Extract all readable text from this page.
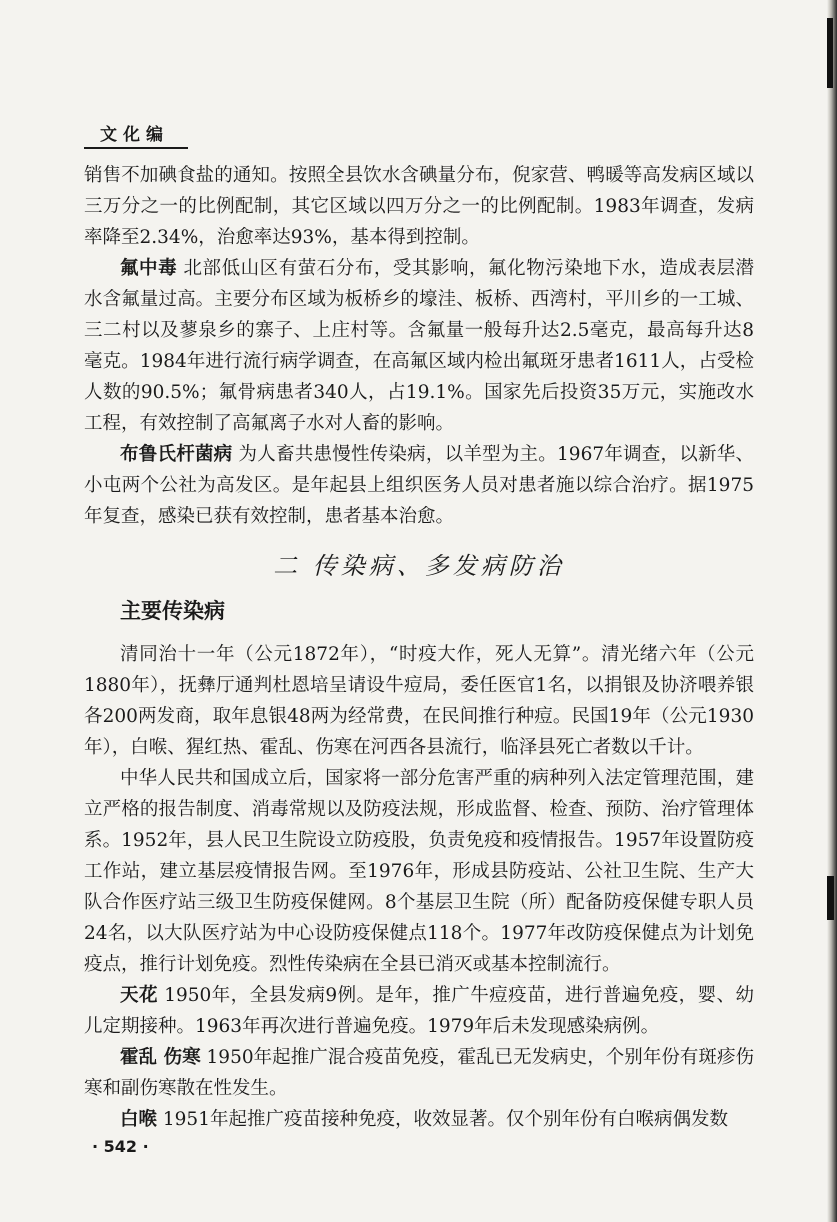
文化编

销售不加碘食盐的通知。按照全县饮水含碘量分布，倪家营、鸭暖等高发病区域以三万分之一的比例配制，其它区域以四万分之一的比例配制。1983年调查，发病率降至2.34%，治愈率达93%，基本得到控制。

氟中毒 北部低山区有萤石分布，受其影响，氟化物污染地下水，造成表层潜水含氟量过高。主要分布区域为板桥乡的壕洼、板桥、西湾村，平川乡的一工城、三二村以及蓼泉乡的寨子、上庄村等。含氟量一般每升达2.5毫克，最高每升达8毫克。1984年进行流行病学调查，在高氟区域内检出氟斑牙患者1611人，占受检人数的90.5%；氟骨病患者340人，占19.1%。国家先后投资35万元，实施改水工程，有效控制了高氟离子水对人畜的影响。

布鲁氏杆菌病 为人畜共患慢性传染病，以羊型为主。1967年调查，以新华、小屯两个公社为高发区。是年起县上组织医务人员对患者施以综合治疗。据1975年复查，感染已获有效控制，患者基本治愈。

二 传染病、多发病防治
主要传染病

清同治十一年（公元1872年），“时疫大作，死人无算”。清光绪六年（公元1880年），抚彝厅通判杜恩培呈请设牛痘局，委任医官1名，以捐银及协济喂养银各200两发商，取年息银48两为经常费，在民间推行种痘。民国19年（公元1930年），白喉、猩红热、霍乱、伤寒在河西各县流行，临泽县死亡者数以千计。

中华人民共和国成立后，国家将一部分危害严重的病种列入法定管理范围，建立严格的报告制度、消毒常规以及防疫法规，形成监督、检查、预防、治疗管理体系。1952年，县人民卫生院设立防疫股，负责免疫和疫情报告。1957年设置防疫工作站，建立基层疫情报告网。至1976年，形成县防疫站、公社卫生院、生产大队合作医疗站三级卫生防疫保健网。8个基层卫生院（所）配备防疫保健专职人员24名，以大队医疗站为中心设防疫保健点118个。1977年改防疫保健点为计划免疫点，推行计划免疫。烈性传染病在全县已消灭或基本控制流行。

天花 1950年，全县发病9例。是年，推广牛痘疫苗，进行普遍免疫，婴、幼儿定期接种。1963年再次进行普遍免疫。1979年后未发现感染病例。

霍乱 伤寒 1950年起推广混合疫苗免疫，霍乱已无发病史，个别年份有斑疹伤寒和副伤寒散在性发生。

白喉 1951年起推广疫苗接种免疫，收效显著。仅个别年份有白喉病偶发数

· 542 ·
